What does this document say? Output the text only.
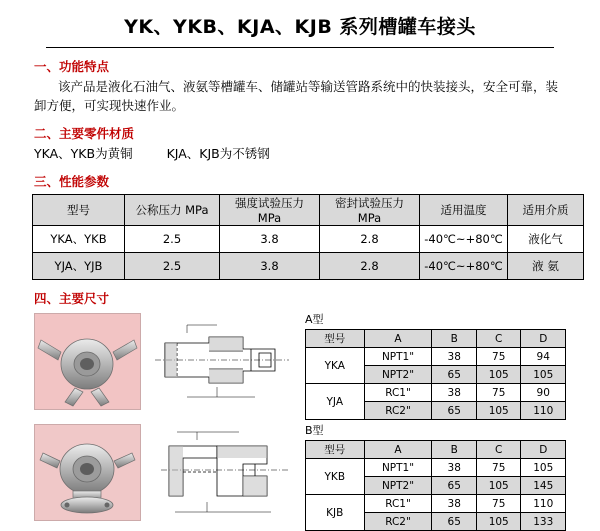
YK、YKB、KJA、KJB 系列槽罐车接头
一、功能特点
该产品是液化石油气、液氨等槽罐车、储罐站等输送管路系统中的快装接头，安全可靠，装卸方便，可实现快速作业。
二、主要零件材质
YKA、YKB为黄铜	KJA、KJB为不锈钢
三、性能参数
型号	公称压力 MPa	强度试验压力 MPa	密封试验压力 MPa	适用温度	适用介质
YKA、YKB	2.5	3.8	2.8	-40℃~+80℃	液化气
YJA、YJB	2.5	3.8	2.8	-40℃~+80℃	液 氨
四、主要尺寸
A型
型号	A	B	C	D
YKA	NPT1"	38	75	94
	NPT2"	65	105	105
YJA	RC1"	38	75	90
	RC2"	65	105	110
B型
型号	A	B	C	D
YKB	NPT1"	38	75	105
	NPT2"	65	105	145
KJB	RC1"	38	75	110
	RC2"	65	105	133
